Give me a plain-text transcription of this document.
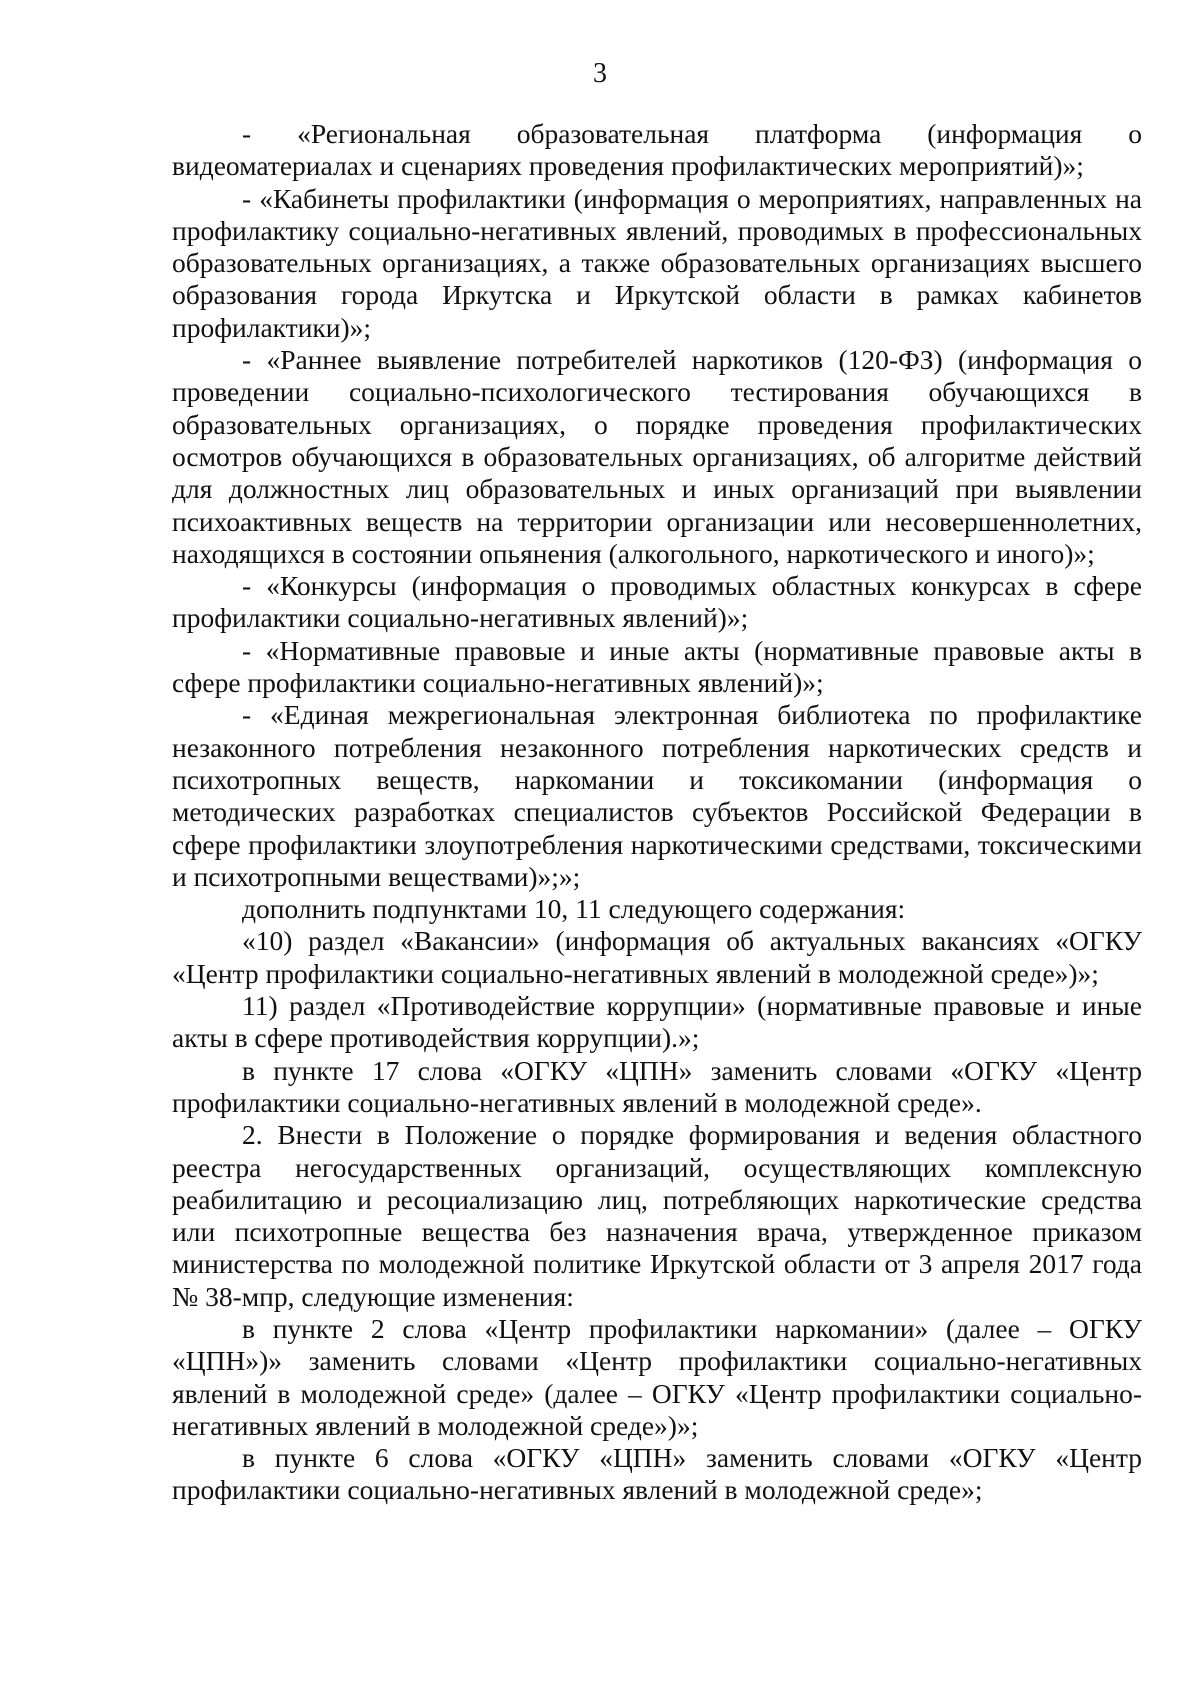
3

- «Региональная образовательная платформа (информация о видеоматериалах и сценариях проведения профилактических мероприятий)»;

- «Кабинеты профилактики (информация о мероприятиях, направленных на профилактику социально-негативных явлений, проводимых в профессиональных образовательных организациях, а также образовательных организациях высшего образования города Иркутска и Иркутской области в рамках кабинетов профилактики)»;

- «Раннее выявление потребителей наркотиков (120-ФЗ) (информация о проведении социально-психологического тестирования обучающихся в образовательных организациях, о порядке проведения профилактических осмотров обучающихся в образовательных организациях, об алгоритме действий для должностных лиц образовательных и иных организаций при выявлении психоактивных веществ на территории организации или несовершеннолетних, находящихся в состоянии опьянения (алкогольного, наркотического и иного)»;

- «Конкурсы (информация о проводимых областных конкурсах в сфере профилактики социально-негативных явлений)»;

- «Нормативные правовые и иные акты (нормативные правовые акты в сфере профилактики социально-негативных явлений)»;

- «Единая межрегиональная электронная библиотека по профилактике незаконного потребления незаконного потребления наркотических средств и психотропных веществ, наркомании и токсикомании (информация о методических разработках специалистов субъектов Российской Федерации в сфере профилактики злоупотребления наркотическими средствами, токсическими и психотропными веществами)»;»;

дополнить подпунктами 10, 11 следующего содержания:

«10) раздел «Вакансии» (информация об актуальных вакансиях «ОГКУ «Центр профилактики социально-негативных явлений в молодежной среде»)»;

11) раздел «Противодействие коррупции» (нормативные правовые и иные акты в сфере противодействия коррупции).»;

в пункте 17 слова «ОГКУ «ЦПН» заменить словами «ОГКУ «Центр профилактики социально-негативных явлений в молодежной среде».

2. Внести в Положение о порядке формирования и ведения областного реестра негосударственных организаций, осуществляющих комплексную реабилитацию и ресоциализацию лиц, потребляющих наркотические средства или психотропные вещества без назначения врача, утвержденное приказом министерства по молодежной политике Иркутской области от 3 апреля 2017 года № 38-мпр, следующие изменения:

в пункте 2 слова «Центр профилактики наркомании» (далее – ОГКУ «ЦПН»)» заменить словами «Центр профилактики социально-негативных явлений в молодежной среде» (далее – ОГКУ «Центр профилактики социально-негативных явлений в молодежной среде»)»;

в пункте 6 слова «ОГКУ «ЦПН» заменить словами «ОГКУ «Центр профилактики социально-негативных явлений в молодежной среде»;
